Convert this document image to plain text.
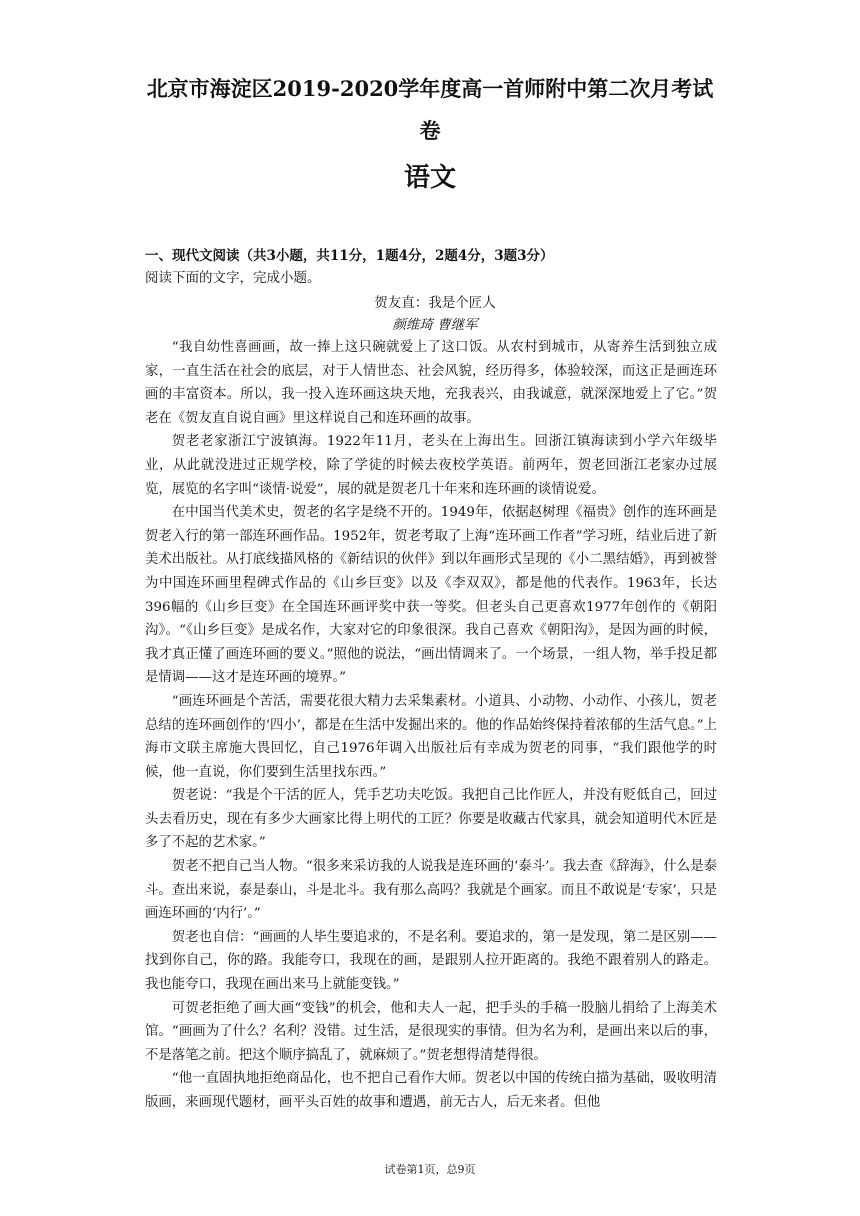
北京市海淀区2019-2020学年度高一首师附中第二次月考试
卷
语文
一、现代文阅读（共3小题，共11分，1题4分，2题4分，3题3分）
阅读下面的文字，完成小题。
贺友直：我是个匠人
颜维琦 曹继军

“我自幼性喜画画，故一捧上这只碗就爱上了这口饭。从农村到城市，从寄养生活到独立成家，一直生活在社会的底层，对于人情世态、社会风貌，经历得多，体验较深，而这正是画连环画的丰富资本。所以，我一投入连环画这块天地，充我表兴，由我诚意，就深深地爱上了它。”贺老在《贺友直自说自画》里这样说自己和连环画的故事。

贺老老家浙江宁波镇海。1922年11月，老头在上海出生。回浙江镇海读到小学六年级毕业，从此就没进过正规学校，除了学徒的时候去夜校学英语。前两年，贺老回浙江老家办过展览，展览的名字叫“谈情·说爱”，展的就是贺老几十年来和连环画的谈情说爱。

在中国当代美术史，贺老的名字是绕不开的。1949年，依据赵树理《福贵》创作的连环画是贺老入行的第一部连环画作品。1952年，贺老考取了上海“连环画工作者”学习班，结业后进了新美术出版社。从打底线描风格的《新结识的伙伴》到以年画形式呈现的《小二黑结婚》，再到被誉为中国连环画里程碑式作品的《山乡巨变》以及《李双双》，都是他的代表作。1963年，长达396幅的《山乡巨变》在全国连环画评奖中获一等奖。但老头自己更喜欢1977年创作的《朝阳沟》。“《山乡巨变》是成名作，大家对它的印象很深。我自己喜欢《朝阳沟》，是因为画的时候，我才真正懂了画连环画的要义。”照他的说法，“画出情调来了。一个场景，一组人物，举手投足都是情调——这才是连环画的境界。”

“画连环画是个苦活，需要花很大精力去采集素材。小道具、小动物、小动作、小孩儿，贺老总结的连环画创作的‘四小’，都是在生活中发掘出来的。他的作品始终保持着浓郁的生活气息。”上海市文联主席施大畏回忆，自己1976年调入出版社后有幸成为贺老的同事，“我们跟他学的时候，他一直说，你们要到生活里找东西。”

贺老说：“我是个干活的匠人，凭手艺功夫吃饭。我把自己比作匠人，并没有贬低自己，回过头去看历史，现在有多少大画家比得上明代的工匠？你要是收藏古代家具，就会知道明代木匠是多了不起的艺术家。”

贺老不把自己当人物。“很多来采访我的人说我是连环画的‘泰斗’。我去查《辞海》，什么是泰斗。查出来说，泰是泰山，斗是北斗。我有那么高吗？我就是个画家。而且不敢说是‘专家’，只是画连环画的‘内行’。”

贺老也自信：“画画的人毕生要追求的，不是名利。要追求的，第一是发现，第二是区别——找到你自己，你的路。我能夸口，我现在的画，是跟别人拉开距离的。我绝不跟着别人的路走。我也能夸口，我现在画出来马上就能变钱。”

可贺老拒绝了画大画“变钱”的机会，他和夫人一起，把手头的手稿一股脑儿捐给了上海美术馆。“画画为了什么？名利？没错。过生活，是很现实的事情。但为名为利，是画出来以后的事，不是落笔之前。把这个顺序搞乱了，就麻烦了。”贺老想得清楚得很。

“他一直固执地拒绝商品化，也不把自己看作大师。贺老以中国的传统白描为基础，吸收明清版画，来画现代题材，画平头百姓的故事和遭遇，前无古人，后无来者。但他

试卷第1页，总9页
